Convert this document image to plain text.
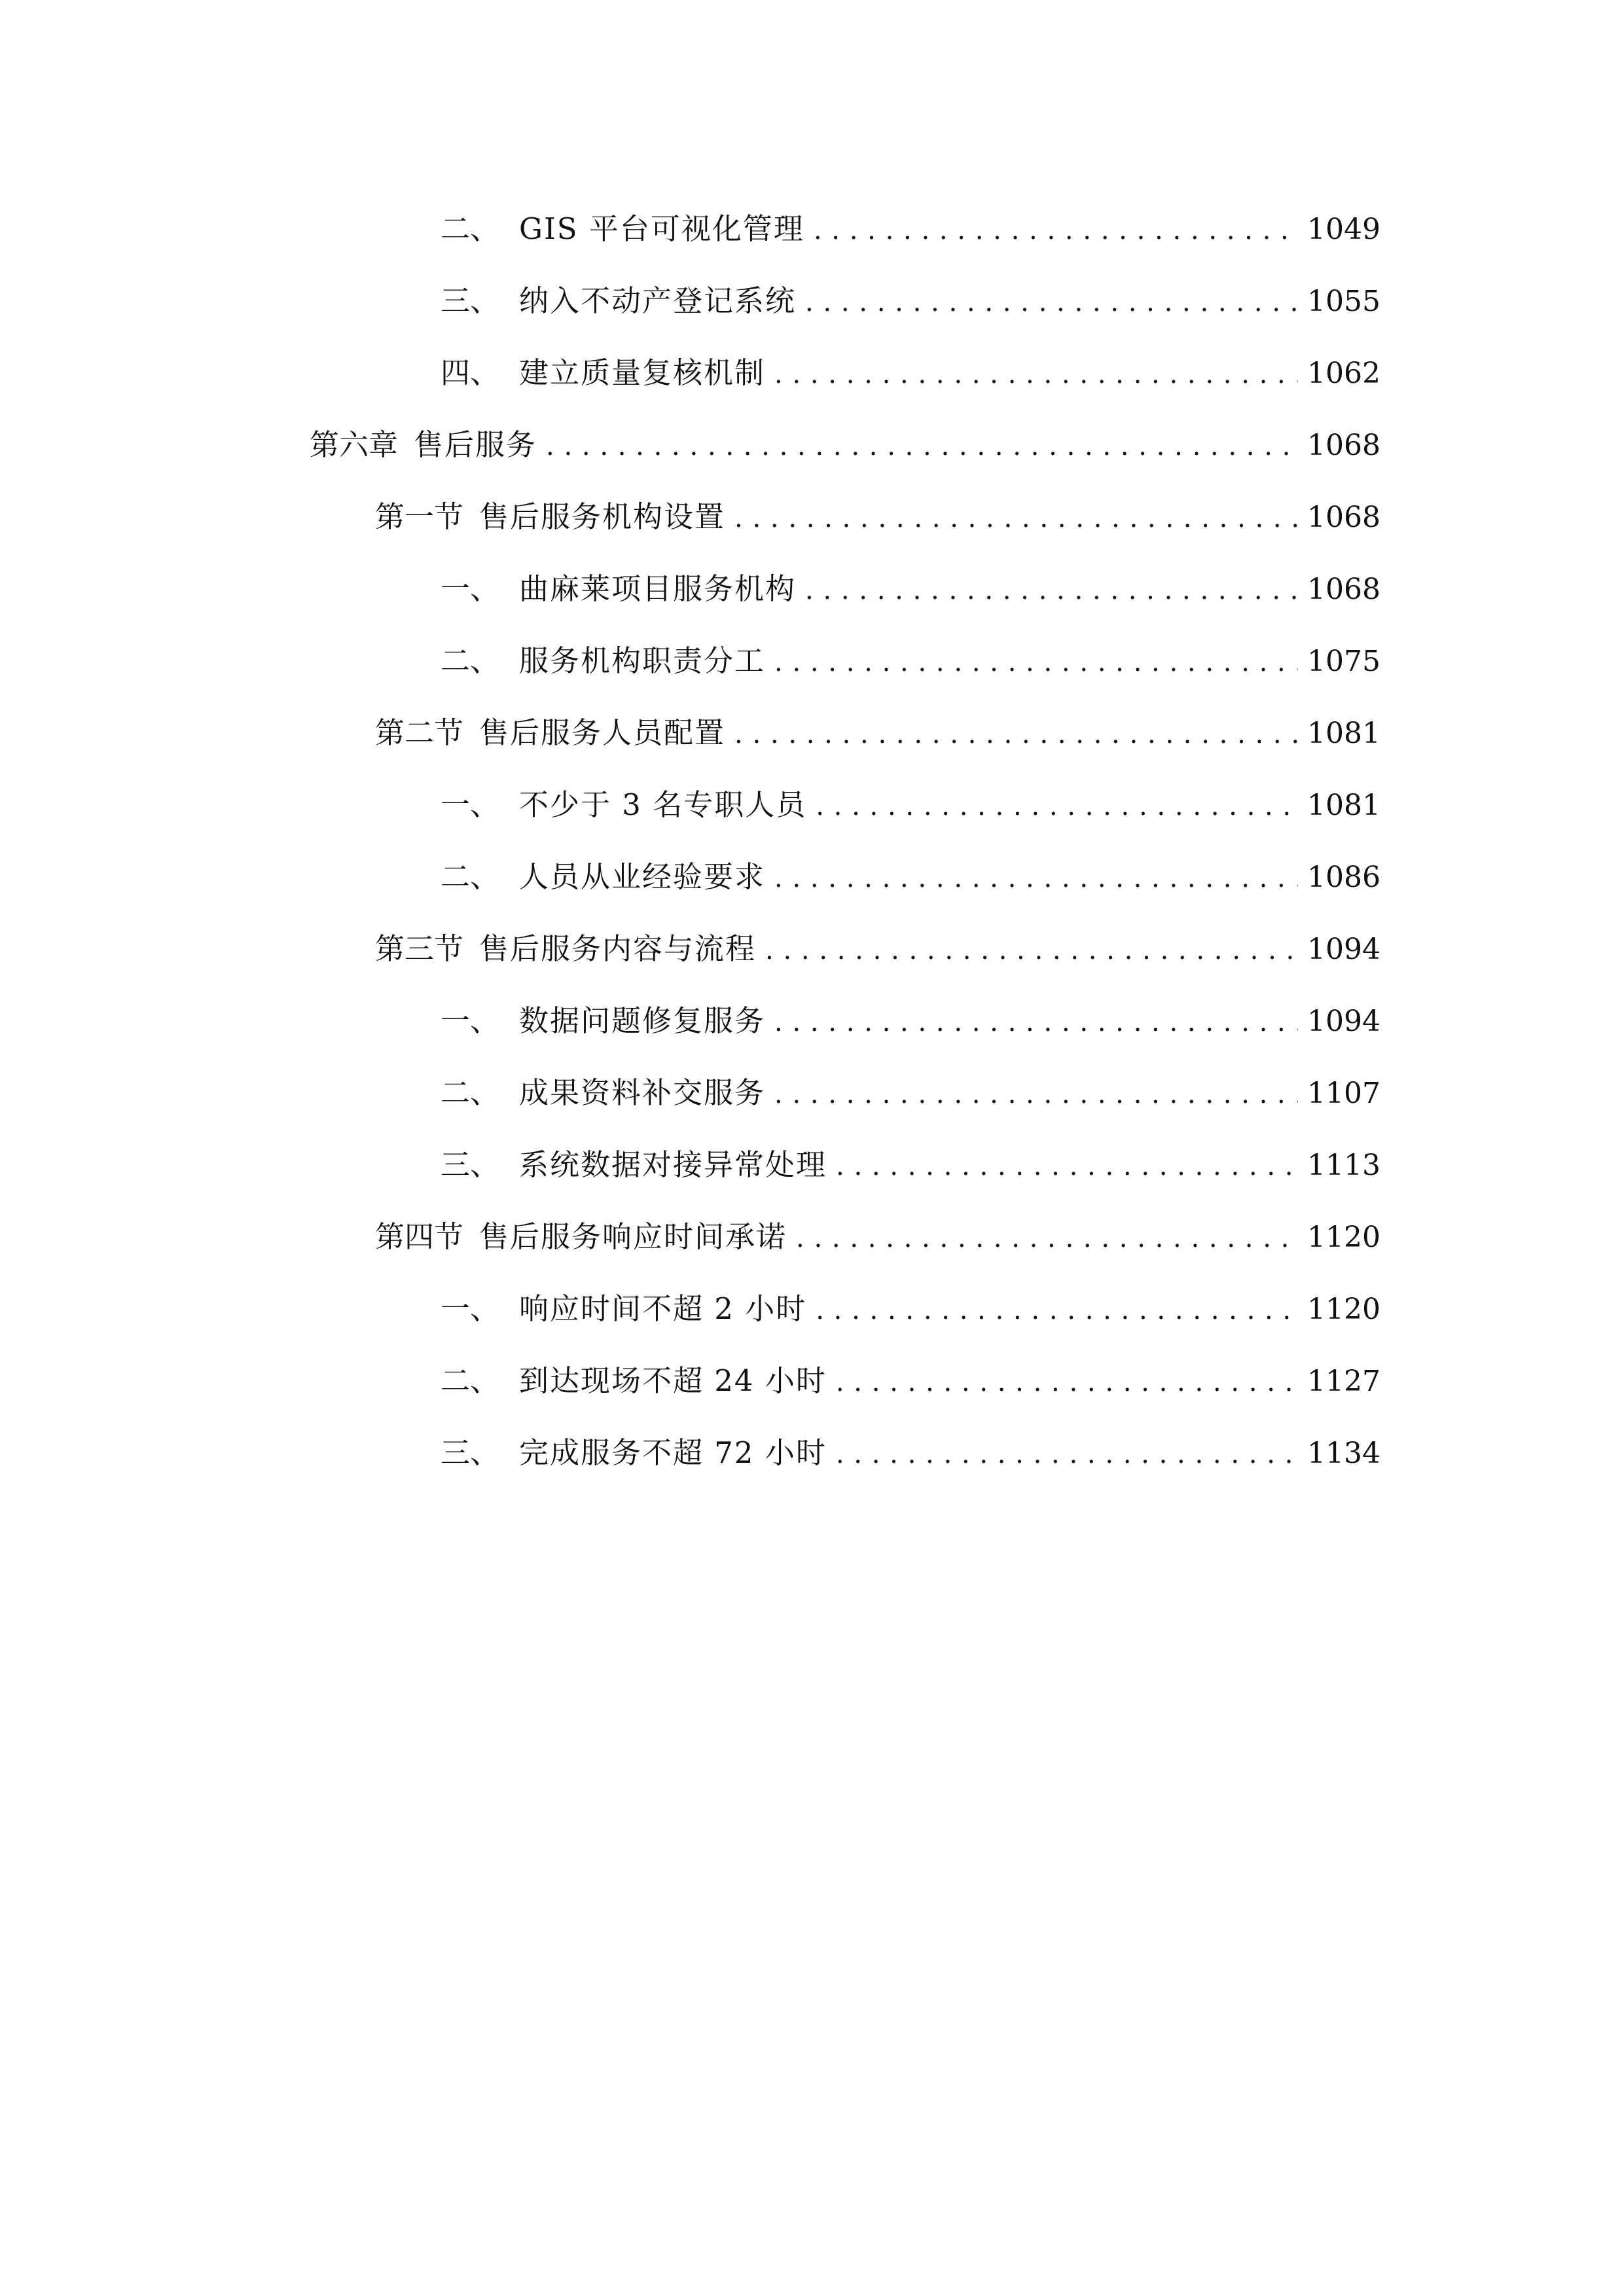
二、 GIS 平台可视化管理 . . .	1049
三、 纳入不动产登记系统 . . .	1055
四、 建立质量复核机制 . . .	1062
第六章 售后服务 . . .	1068
第一节 售后服务机构设置 . . .	1068
一、 曲麻莱项目服务机构 . . .	1068
二、 服务机构职责分工 . . .	1075
第二节 售后服务人员配置 . . .	1081
一、 不少于 3 名专职人员 . . .	1081
二、 人员从业经验要求 . . .	1086
第三节 售后服务内容与流程 . . .	1094
一、 数据问题修复服务 . . .	1094
二、 成果资料补交服务 . . .	1107
三、 系统数据对接异常处理 . . .	1113
第四节 售后服务响应时间承诺 . . .	1120
一、 响应时间不超 2 小时 . . .	1120
二、 到达现场不超 24 小时 . . .	1127
三、 完成服务不超 72 小时 . . .	1134
